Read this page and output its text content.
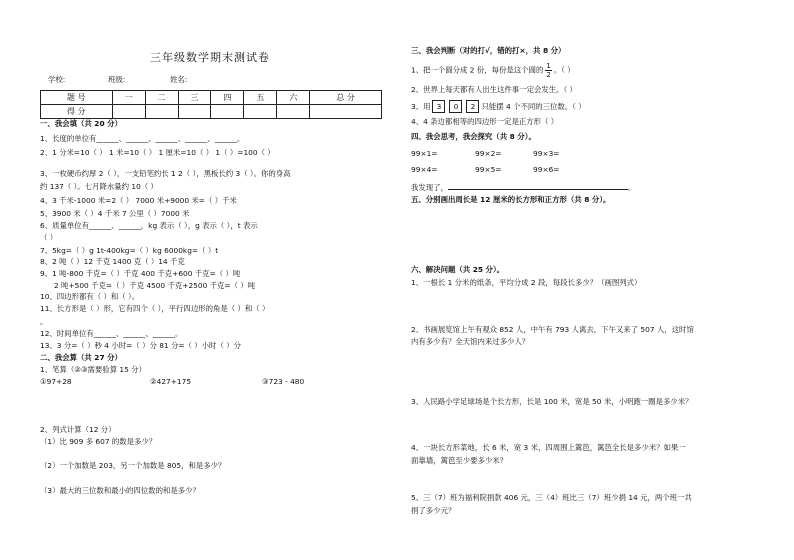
三年级数学期末测试卷
学校:	班级:	姓名:
题 号	一	二	三	四	五	六	总 分
得 分							
一、我会填（共 20 分）
1、长度的单位有______、______、______、______、______。
2、1 分米=10（ ） 1 米=10（ ） 1 厘米=10（ ） 1（ ）=100（ ）
3、一枚硬币约厚 2（ ），一支铅笔约长 1 2（ ），黑板长约 3（ ）。你的身高
约 137（ ）。七月降水量约 10（ ）
4、3 千米-1000 米=2（ ） 7000 米+9000 米=（ ）千米
5、3900 米（ ）4 千米 7 公里（ ）7000 米
6、质量单位有______、______，kg 表示（ ），g 表示（ ），t 表示
（ ）
7、5kg=（ ）g 1t-400kg=（ ）kg 6000kg=（ ）t
8、2 吨（ ）12 千克 1400 克（ ）14 千克
9、1 吨-800 千克=（ ）千克 400 千克+600 千克=（ ）吨
2 吨+500 千克=（ ）千克 4500 千克+2500 千克=（ ）吨
10、四边形都有（ ）和（ ）。
11、长方形是（ ）形，它有四个（ ），平行四边形的角是（ ）和（ ）
。
12、时间单位有______、______、______。
13、3 分=（ ）秒 4 小时=（ ）分 81 分=（ ）小时（ ）分
二、我会算（共 27 分）
1、笔算（②③需要验算 15 分）
①97+28	②427+175	③723 - 480
2、列式计算（12 分）
（1）比 909 多 607 的数是多少？
（2）一个加数是 203，另一个加数是 805，和是多少？
（3）最大的三位数和最小的四位数的和是多少？
三、我会判断（对的打√，错的打×，共 8 分）
1、把一个圆分成 2 份，每份是这个圆的 $\frac{1}{2}$ 。（ ）
2、世界上每天都有人出生这件事一定会发生。（ ）
3、用 3 0 2 只能摆 4 个不同的三位数。（ ）
4、4 条边都相等的四边形一定是正方形（ ）
四、我会思考，我会探究（共 8 分）。
99×1=	99×2=	99×3=
99×4=	99×5=	99×6=
我发现了，	。
五、分别画出周长是 12 厘米的长方形和正方形（共 8 分）。
六、解决问题（共 25 分）。
1、一根长 1 分米的纸条，平均分成 2 段，每段长多少？（画图列式）
2、书画展览馆上午有观众 852 人，中午有 793 人离去，下午又来了 507 人，这时馆
内有多少有？全天馆内来过多少人？
3、人民路小学足球场是个长方形，长是 100 米，宽是 50 米，小明跑一圈是多少米？
4、一块长方形菜地，长 6 米，宽 3 米，四周围上篱笆，篱笆全长是多少米？如果一
面靠墙，篱笆至少要多少米？
5、三（7）班为福利院捐款 406 元，三（4）班比三（7）班少捐 14 元，两个班一共
捐了多少元？
